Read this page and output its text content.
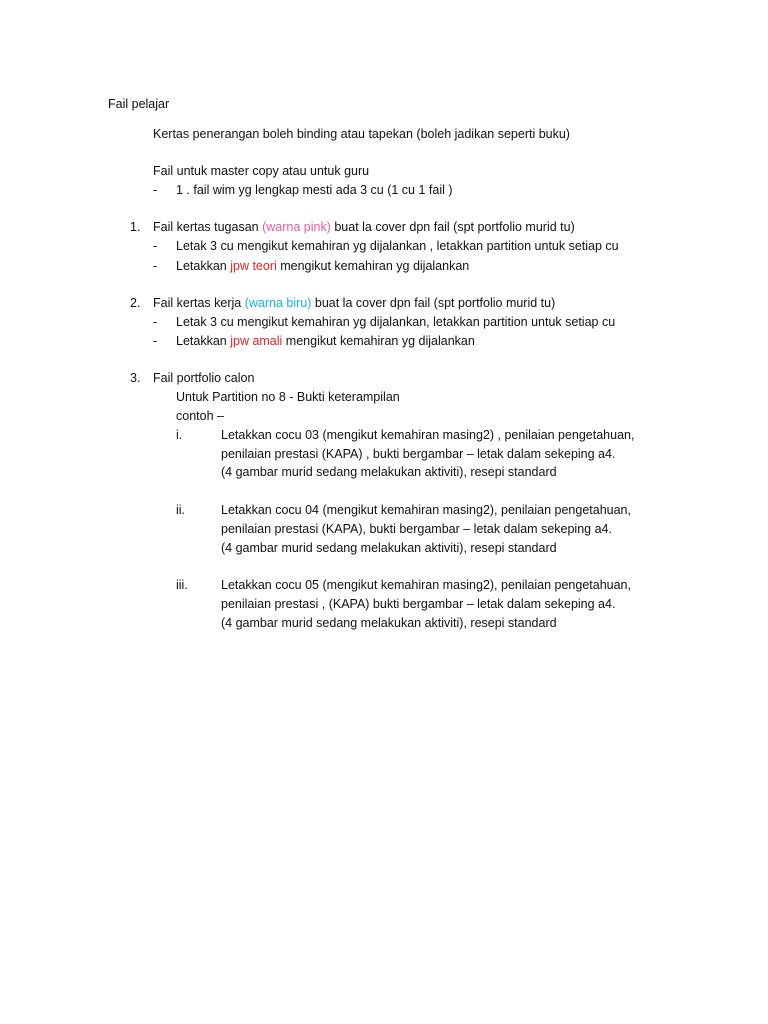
Fail pelajar
Kertas penerangan boleh binding atau tapekan (boleh jadikan seperti buku)
Fail untuk master copy atau untuk guru
- 1 . fail wim yg lengkap mesti ada 3 cu (1 cu 1 fail )
1. Fail kertas tugasan (warna pink) buat la cover dpn fail (spt portfolio murid tu)
- Letak 3 cu mengikut kemahiran yg dijalankan , letakkan partition untuk setiap cu
- Letakkan jpw teori mengikut kemahiran yg dijalankan
2. Fail kertas kerja (warna biru) buat la cover dpn fail (spt portfolio murid tu)
- Letak 3 cu mengikut kemahiran yg dijalankan, letakkan partition untuk setiap cu
- Letakkan jpw amali mengikut kemahiran yg dijalankan
3. Fail portfolio calon
Untuk Partition no 8 - Bukti keterampilan
contoh –
i.	Letakkan cocu 03 (mengikut kemahiran masing2) , penilaian pengetahuan,
penilaian prestasi (KAPA) , bukti bergambar – letak dalam sekeping a4.
(4 gambar murid sedang melakukan aktiviti), resepi standard
ii.	Letakkan cocu 04 (mengikut kemahiran masing2), penilaian pengetahuan,
penilaian prestasi (KAPA), bukti bergambar – letak dalam sekeping a4.
(4 gambar murid sedang melakukan aktiviti), resepi standard
iii.	Letakkan cocu 05 (mengikut kemahiran masing2), penilaian pengetahuan,
penilaian prestasi , (KAPA) bukti bergambar – letak dalam sekeping a4.
(4 gambar murid sedang melakukan aktiviti), resepi standard
